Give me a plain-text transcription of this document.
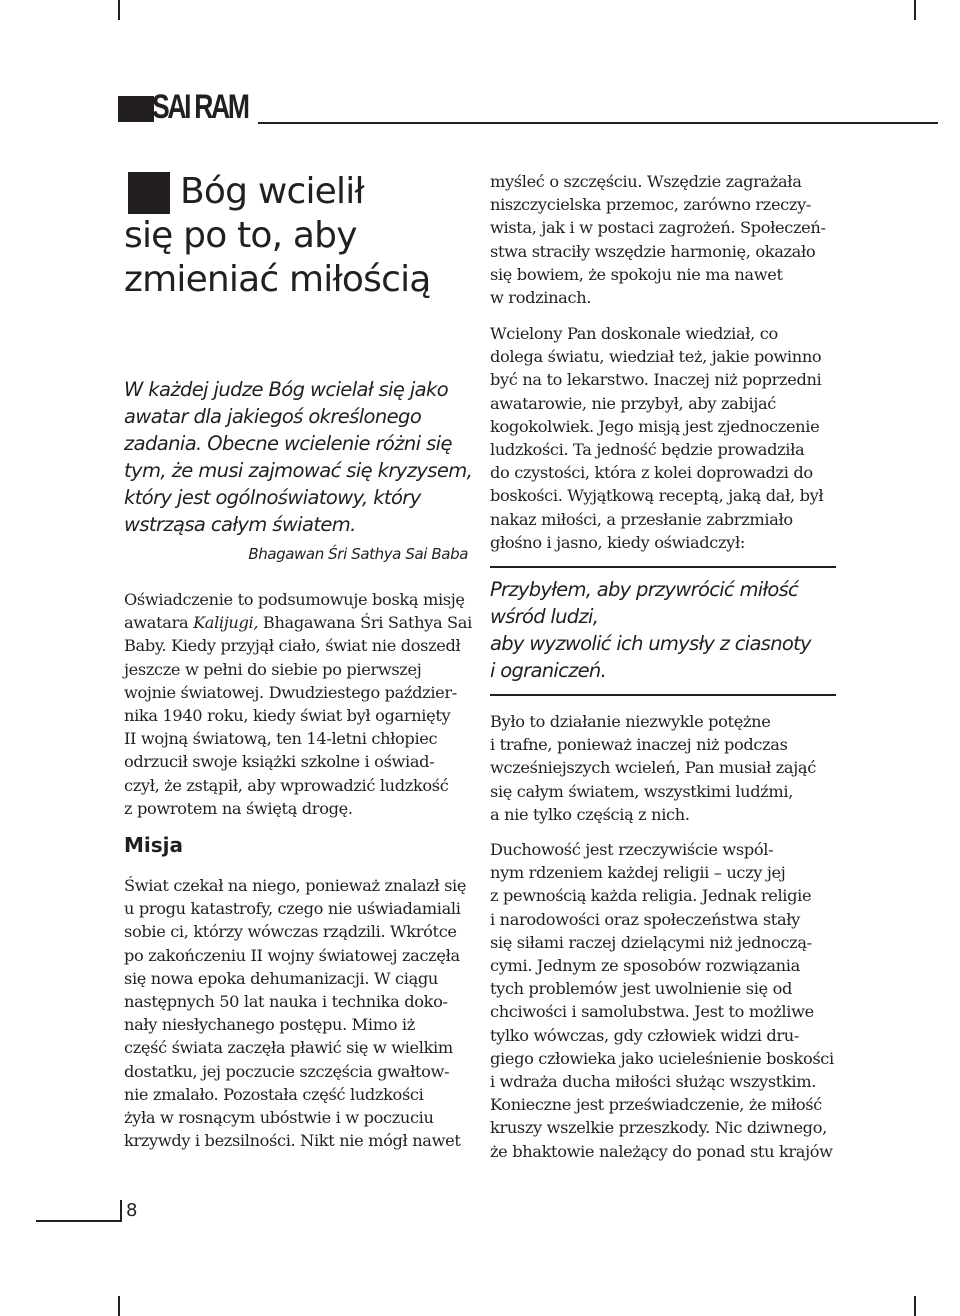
SAI RAM
Bóg wcielił
się po to, aby
zmieniać miłością
W każdej judze Bóg wcielał się jako
awatar dla jakiegoś określonego
zadania. Obecne wcielenie różni się
tym, że musi zajmować się kryzysem,
który jest ogólnoświatowy, który
wstrząsa całym światem.
Bhagawan Śri Sathya Sai Baba
Oświadczenie to podsumowuje boską misję
awatara Kalijugi, Bhagawana Śri Sathya Sai
Baby. Kiedy przyjął ciało, świat nie doszedł
jeszcze w pełni do siebie po pierwszej
wojnie światowej. Dwudziestego paździer-
nika 1940 roku, kiedy świat był ogarnięty
II wojną światową, ten 14-letni chłopiec
odrzucił swoje książki szkolne i oświad-
czył, że zstąpił, aby wprowadzić ludzkość
z powrotem na świętą drogę.
Misja
Świat czekał na niego, ponieważ znalazł się
u progu katastrofy, czego nie uświadamiali
sobie ci, którzy wówczas rządzili. Wkrótce
po zakończeniu II wojny światowej zaczęła
się nowa epoka dehumanizacji. W ciągu
następnych 50 lat nauka i technika doko-
nały niesłychanego postępu. Mimo iż
część świata zaczęła pławić się w wielkim
dostatku, jej poczucie szczęścia gwałtow-
nie zmalało. Pozostała część ludzkości
żyła w rosnącym ubóstwie i w poczuciu
krzywdy i bezsilności. Nikt nie mógł nawet
myśleć o szczęściu. Wszędzie zagrażała
niszczycielska przemoc, zarówno rzeczy-
wista, jak i w postaci zagrożeń. Społeczeń-
stwa straciły wszędzie harmonię, okazało
się bowiem, że spokoju nie ma nawet
w rodzinach.
Wcielony Pan doskonale wiedział, co
dolega światu, wiedział też, jakie powinno
być na to lekarstwo. Inaczej niż poprzedni
awatarowie, nie przybył, aby zabijać
kogokolwiek. Jego misją jest zjednoczenie
ludzkości. Ta jedność będzie prowadziła
do czystości, która z kolei doprowadzi do
boskości. Wyjątkową receptą, jaką dał, był
nakaz miłości, a przesłanie zabrzmiało
głośno i jasno, kiedy oświadczył:
Przybyłem, aby przywrócić miłość
wśród ludzi,
aby wyzwolić ich umysły z ciasnoty
i ograniczeń.
Było to działanie niezwykle potężne
i trafne, ponieważ inaczej niż podczas
wcześniejszych wcieleń, Pan musiał zająć
się całym światem, wszystkimi ludźmi,
a nie tylko częścią z nich.
Duchowość jest rzeczywiście wspól-
nym rdzeniem każdej religii – uczy jej
z pewnością każda religia. Jednak religie
i narodowości oraz społeczeństwa stały
się siłami raczej dzielącymi niż jednoczą-
cymi. Jednym ze sposobów rozwiązania
tych problemów jest uwolnienie się od
chciwości i samolubstwa. Jest to możliwe
tylko wówczas, gdy człowiek widzi dru-
giego człowieka jako ucieleśnienie boskości
i wdraża ducha miłości służąc wszystkim.
Konieczne jest przeświadczenie, że miłość
kruszy wszelkie przeszkody. Nic dziwnego,
że bhaktowie należący do ponad stu krajów
8
